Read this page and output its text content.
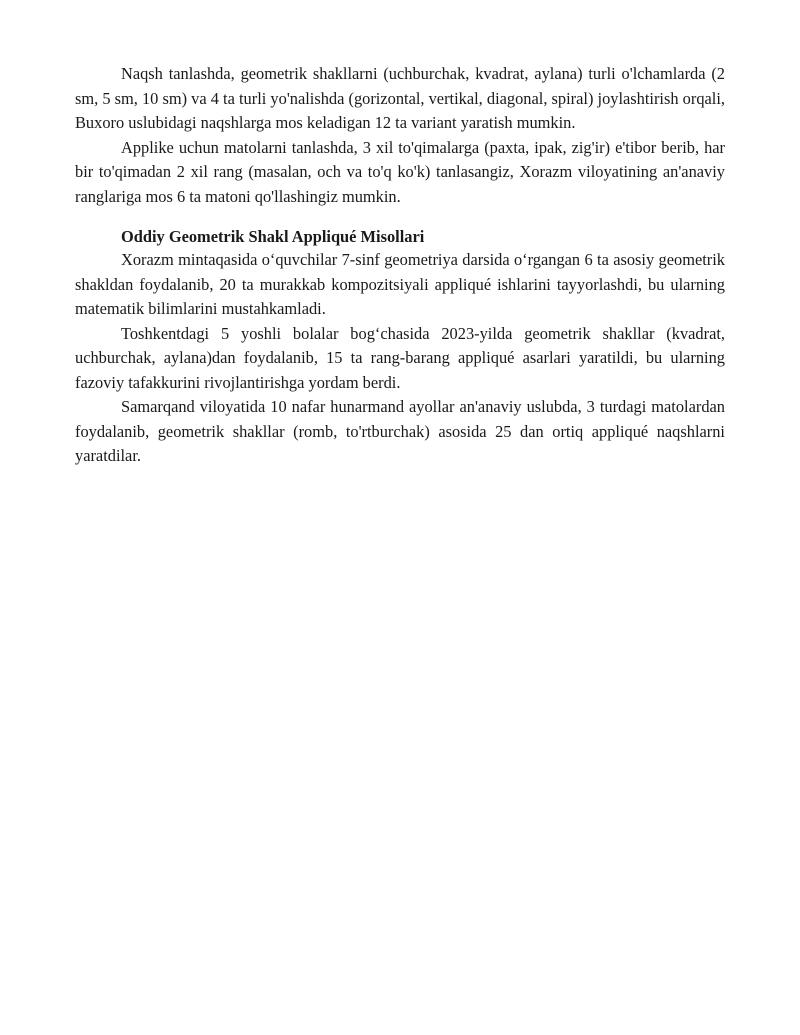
Naqsh tanlashda, geometrik shakllarni (uchburchak, kvadrat, aylana) turli o'lchamlarda (2 sm, 5 sm, 10 sm) va 4 ta turli yo'nalishda (gorizontal, vertikal, diagonal, spiral) joylashtirish orqali, Buxoro uslubidagi naqshlarga mos keladigan 12 ta variant yaratish mumkin.

Applike uchun matolarni tanlashda, 3 xil to'qimalarga (paxta, ipak, zig'ir) e'tibor berib, har bir to'qimadan 2 xil rang (masalan, och va to'q ko'k) tanlasangiz, Xorazm viloyatining an'anaviy ranglariga mos 6 ta matoni qo'llashingiz mumkin.

Oddiy Geometrik Shakl Appliqué Misollari

Xorazm mintaqasida o‘quvchilar 7-sinf geometriya darsida o‘rgangan 6 ta asosiy geometrik shakldan foydalanib, 20 ta murakkab kompozitsiyali appliqué ishlarini tayyorlashdi, bu ularning matematik bilimlarini mustahkamladi.

Toshkentdagi 5 yoshli bolalar bog‘chasida 2023-yilda geometrik shakllar (kvadrat, uchburchak, aylana)dan foydalanib, 15 ta rang-barang appliqué asarlari yaratildi, bu ularning fazoviy tafakkurini rivojlantirishga yordam berdi.

Samarqand viloyatida 10 nafar hunarmand ayollar an'anaviy uslubda, 3 turdagi matolardan foydalanib, geometrik shakllar (romb, to'rtburchak) asosida 25 dan ortiq appliqué naqshlarni yaratdilar.
